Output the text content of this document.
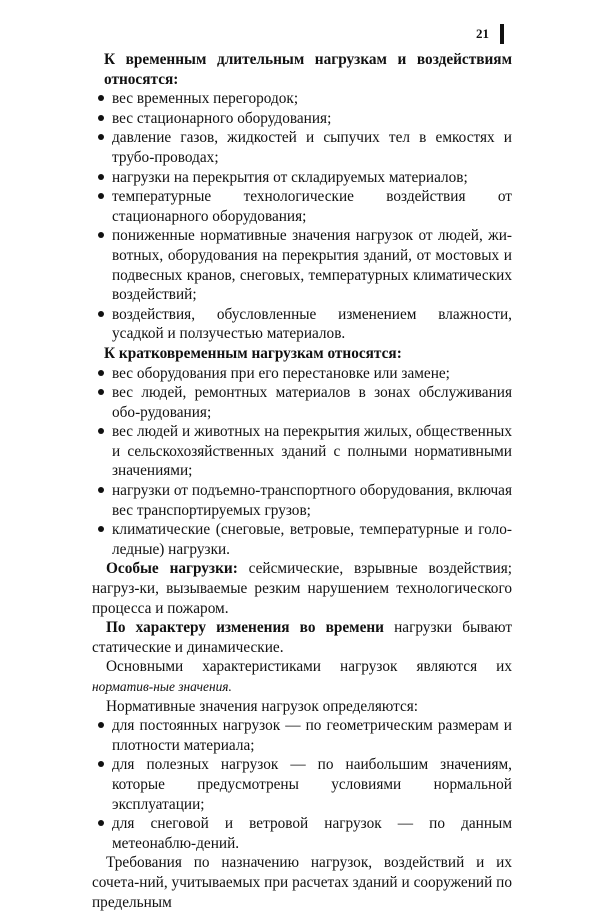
21

К временным длительным нагрузкам и воздействиям относятся:

вес временных перегородок;
вес стационарного оборудования;
давление газов, жидкостей и сыпучих тел в емкостях и трубо-проводах;
нагрузки на перекрытия от складируемых материалов;
температурные технологические воздействия от стационарного оборудования;
пониженные нормативные значения нагрузок от людей, жи-вотных, оборудования на перекрытия зданий, от мостовых и подвесных кранов, снеговых, температурных климатических воздействий;
воздействия, обусловленные изменением влажности, усадкой и ползучестью материалов.

К кратковременным нагрузкам относятся:

вес оборудования при его перестановке или замене;
вес людей, ремонтных материалов в зонах обслуживания обо-рудования;
вес людей и животных на перекрытия жилых, общественных и сельскохозяйственных зданий с полными нормативными значениями;
нагрузки от подъемно-транспортного оборудования, включая вес транспортируемых грузов;
климатические (снеговые, ветровые, температурные и голо-ледные) нагрузки.

Особые нагрузки: сейсмические, взрывные воздействия; нагруз-ки, вызываемые резким нарушением технологического процесса и пожаром.

По характеру изменения во времени нагрузки бывают статические и динамические.

Основными характеристиками нагрузок являются их норматив-ные значения.

Нормативные значения нагрузок определяются:

для постоянных нагрузок — по геометрическим размерам и плотности материала;
для полезных нагрузок — по наибольшим значениям, которые предусмотрены условиями нормальной эксплуатации;
для снеговой и ветровой нагрузок — по данным метеонаблю-дений.

Требования по назначению нагрузок, воздействий и их сочета-ний, учитываемых при расчетах зданий и сооружений по предельным
